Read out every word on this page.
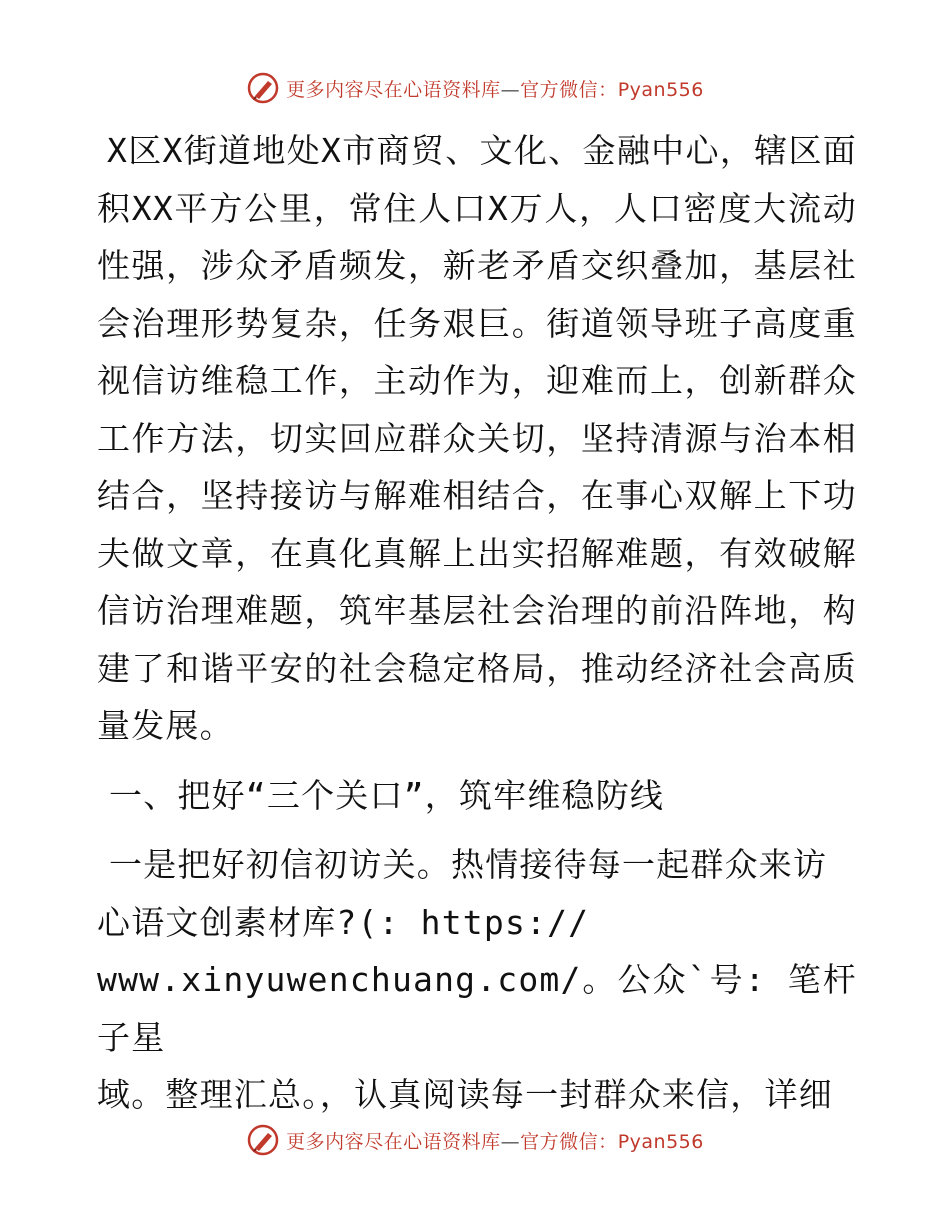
更多内容尽在心语资料库—官方微信：Pyan556

X区X街道地处X市商贸、文化、金融中心，辖区面积XX平方公里，常住人口X万人，人口密度大流动性强，涉众矛盾频发，新老矛盾交织叠加，基层社会治理形势复杂，任务艰巨。街道领导班子高度重视信访维稳工作，主动作为，迎难而上，创新群众工作方法，切实回应群众关切，坚持清源与治本相结合，坚持接访与解难相结合，在事心双解上下功夫做文章，在真化真解上出实招解难题，有效破解信访治理难题，筑牢基层社会治理的前沿阵地，构建了和谐平安的社会稳定格局，推动经济社会高质量发展。

一、把好“三个关口”，筑牢维稳防线

一是把好初信初访关。热情接待每一起群众来访
心语文创素材库?(: https://
www.xinyuwenchuang.com/。公众`号: 笔杆子星
域。整理汇总。，认真阅读每一封群众来信，详细

更多内容尽在心语资料库—官方微信：Pyan556
